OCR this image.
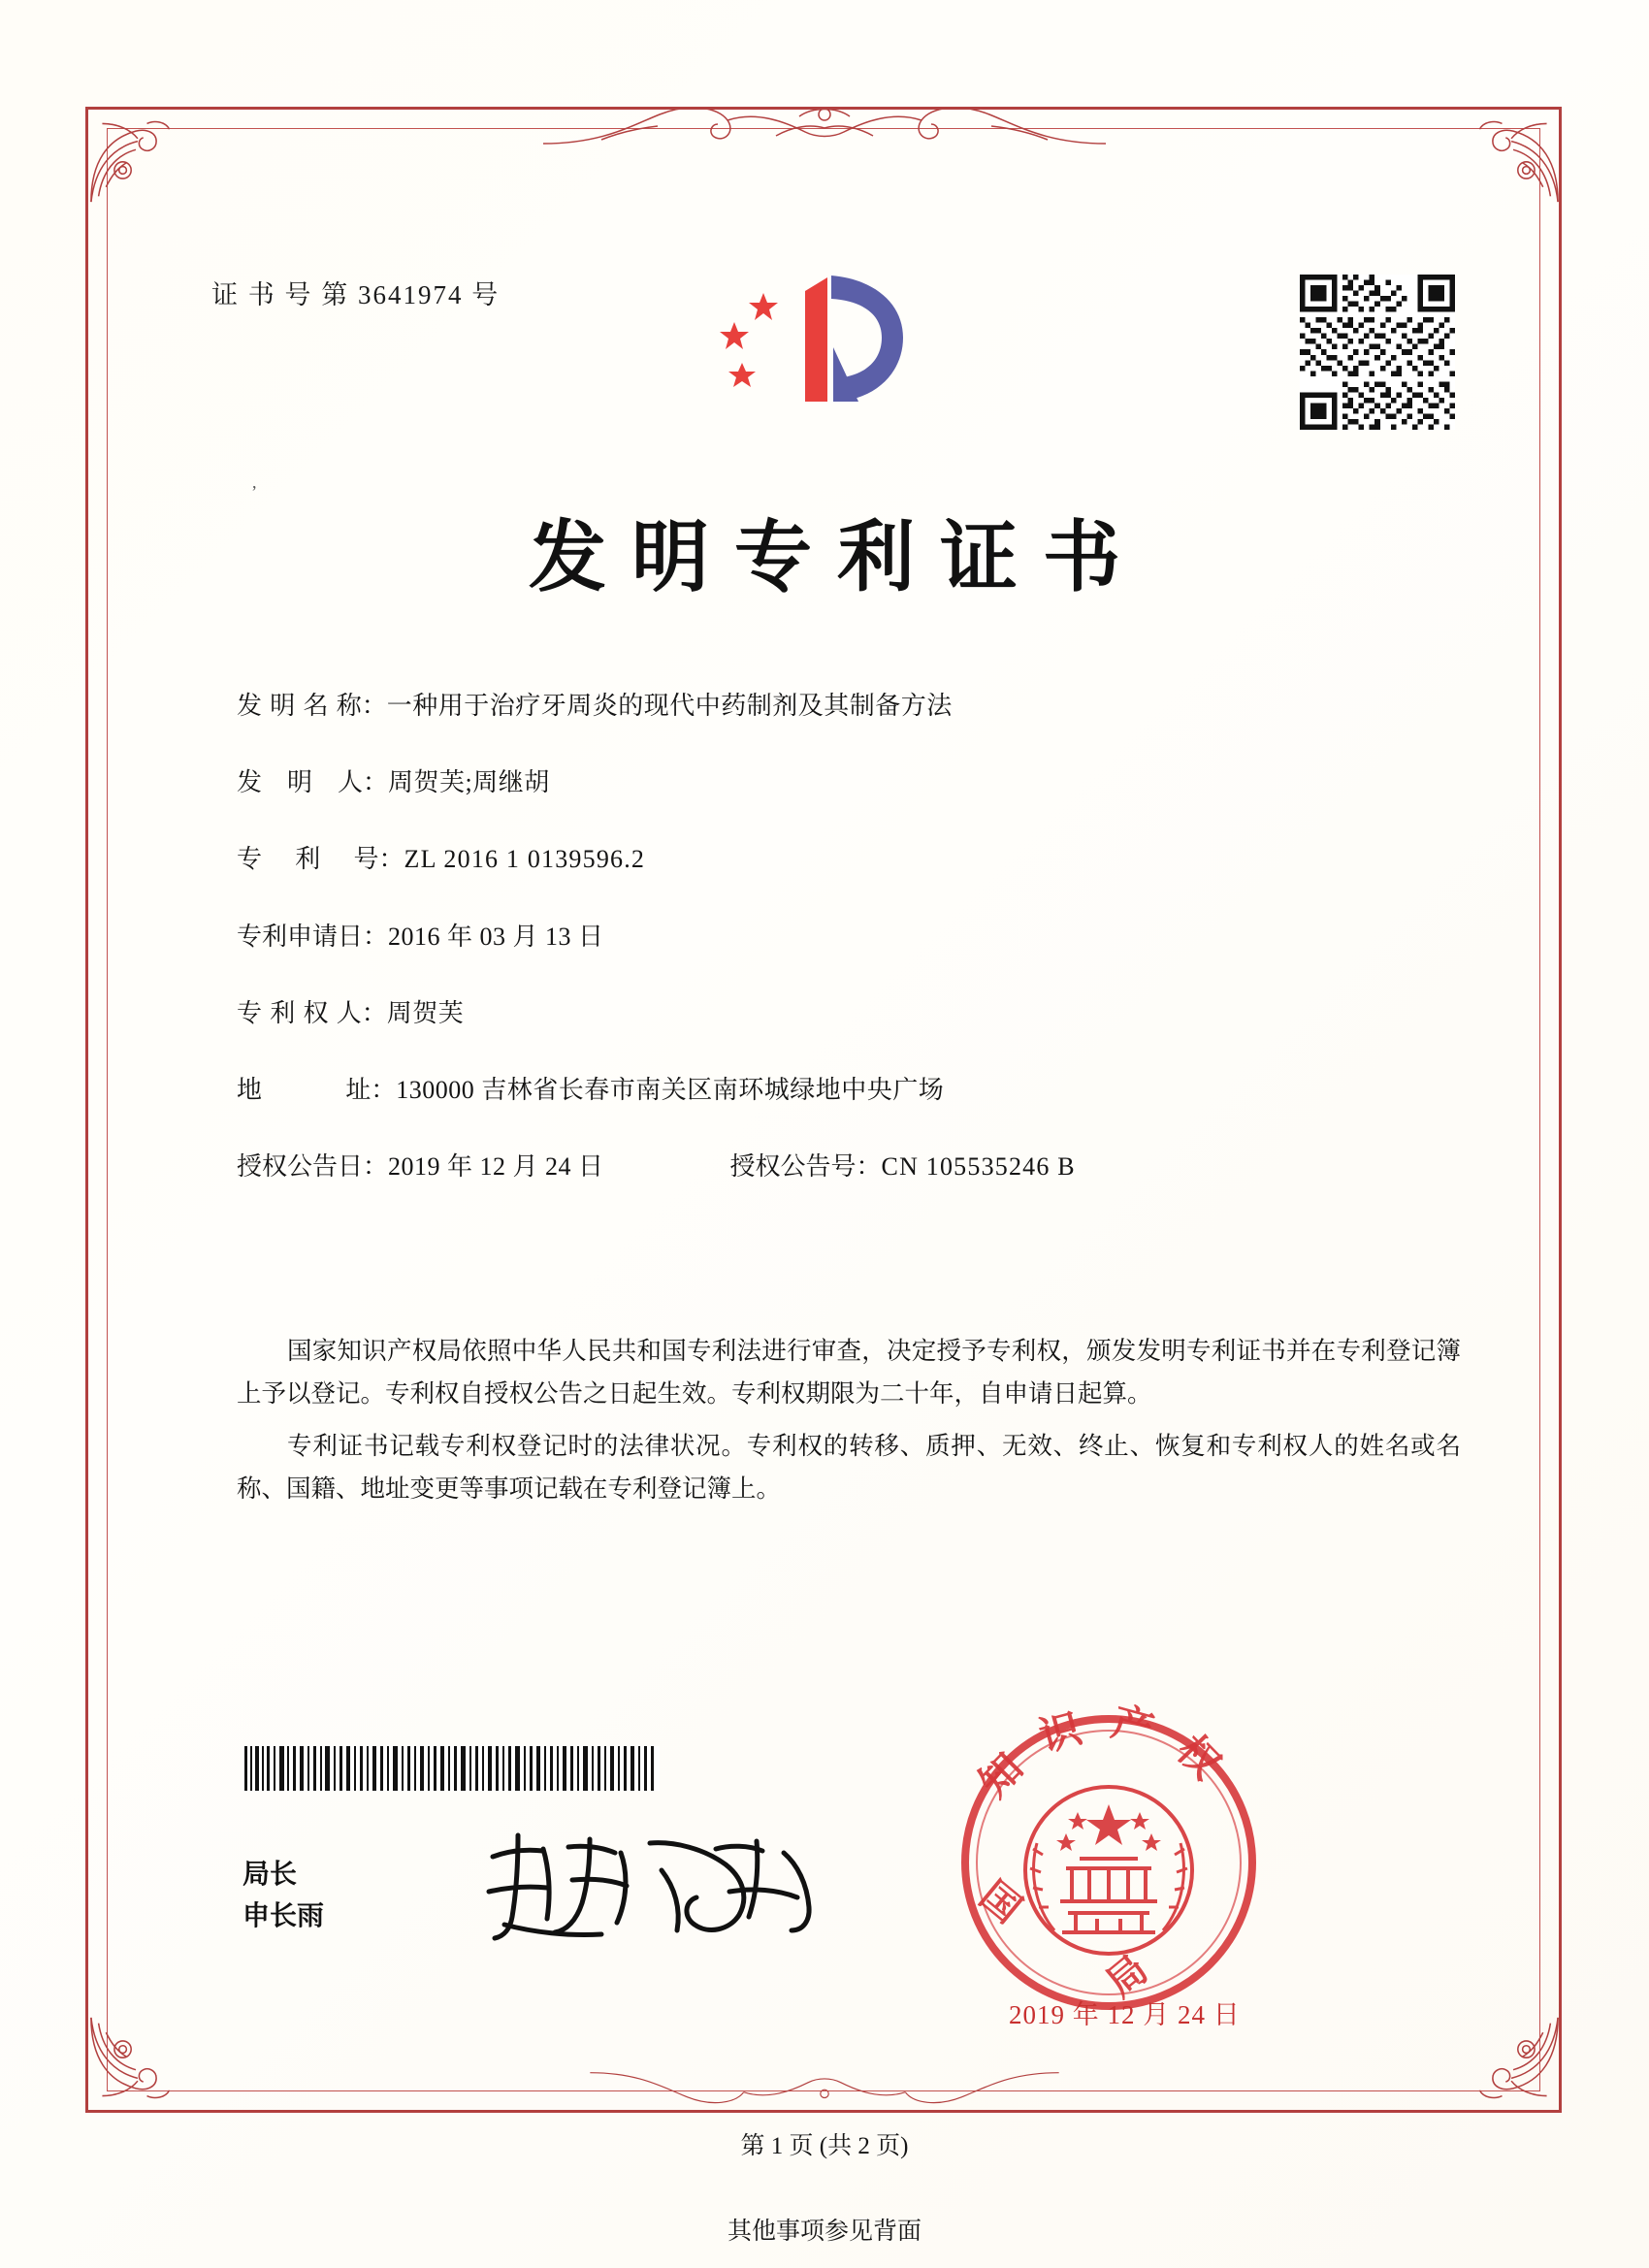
证 书 号 第 3641974 号
,
发明专利证书
发 明 名 称： 一种用于治疗牙周炎的现代中药制剂及其制备方法
发　明　人： 周贺芙;周继胡
专　 利　 号： ZL 2016 1 0139596.2
专利申请日： 2016 年 03 月 13 日
专 利 权 人： 周贺芙
地　　　 址： 130000 吉林省长春市南关区南环城绿地中央广场
授权公告日： 2019 年 12 月 24 日	授权公告号： CN 105535246 B

国家知识产权局依照中华人民共和国专利法进行审查，决定授予专利权，颁发发明专利证书并在专利登记簿上予以登记。专利权自授权公告之日起生效。专利权期限为二十年，自申请日起算。

专利证书记载专利权登记时的法律状况。专利权的转移、质押、无效、终止、恢复和专利权人的姓名或名称、国籍、地址变更等事项记载在专利登记簿上。

局长
申长雨
知识产权
国局
2019 年 12 月 24 日
第 1 页 (共 2 页)
其他事项参见背面
